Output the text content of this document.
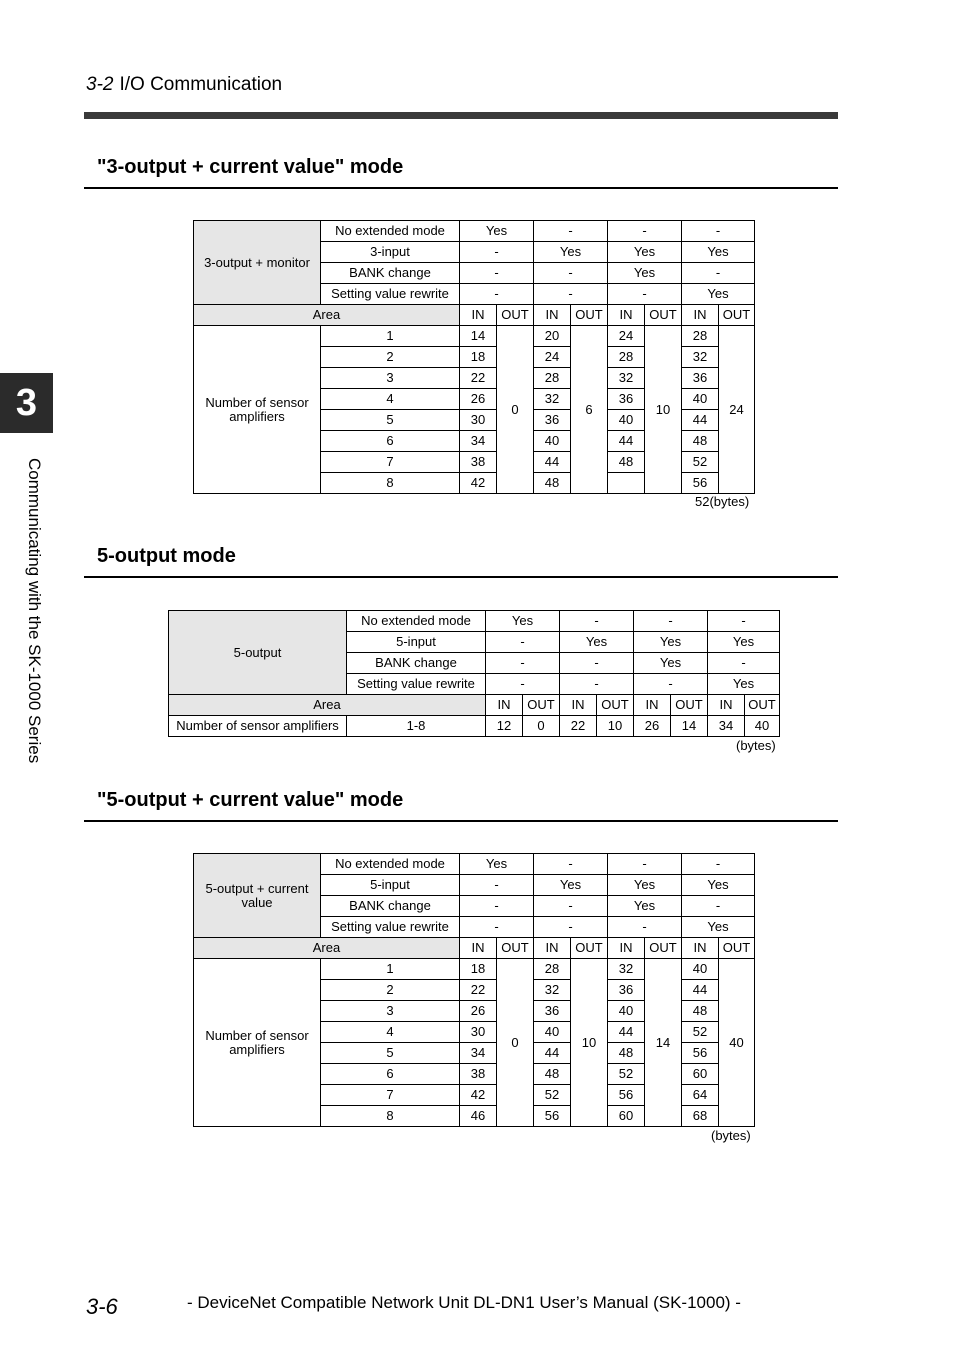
3-2 I/O Communication
3
Communicating with the SK-1000 Series
"3-output + current value" mode
3-output + monitor	No extended mode	Yes		-		-		-	
	3-input	-		Yes		Yes		Yes	
	BANK change	-		-		Yes		-	
	Setting value rewrite	-		-		-		Yes	
Area		IN	OUT	IN	OUT	IN	OUT	IN	OUT
Number of sensor amplifiers	1	14	0	20	6	24	10	28	24
	2	18		24		28		32	
	3	22		28		32		36	
	4	26		32		36		40	
	5	30		36		40		44	
	6	34		40		44		48	
	7	38		44		48		52	
	8	42		48				56	
52(bytes)
5-output mode
5-output	No extended mode	Yes		-		-		-	
	5-input	-		Yes		Yes		Yes	
	BANK change	-		-		Yes		-	
	Setting value rewrite	-		-		-		Yes	
Area		IN	OUT	IN	OUT	IN	OUT	IN	OUT
Number of sensor amplifiers	1-8	12	0	22	10	26	14	34	40
(bytes)
"5-output + current value" mode
5-output + current value	No extended mode	Yes		-		-		-	
	5-input	-		Yes		Yes		Yes	
	BANK change	-		-		Yes		-	
	Setting value rewrite	-		-		-		Yes	
Area		IN	OUT	IN	OUT	IN	OUT	IN	OUT
Number of sensor amplifiers	1	18	0	28	10	32	14	40	40
	2	22		32		36		44	
	3	26		36		40		48	
	4	30		40		44		52	
	5	34		44		48		56	
	6	38		48		52		60	
	7	42		52		56		64	
	8	46		56		60		68	
(bytes)
3-6	- DeviceNet Compatible Network Unit DL-DN1 User’s Manual (SK-1000) -
